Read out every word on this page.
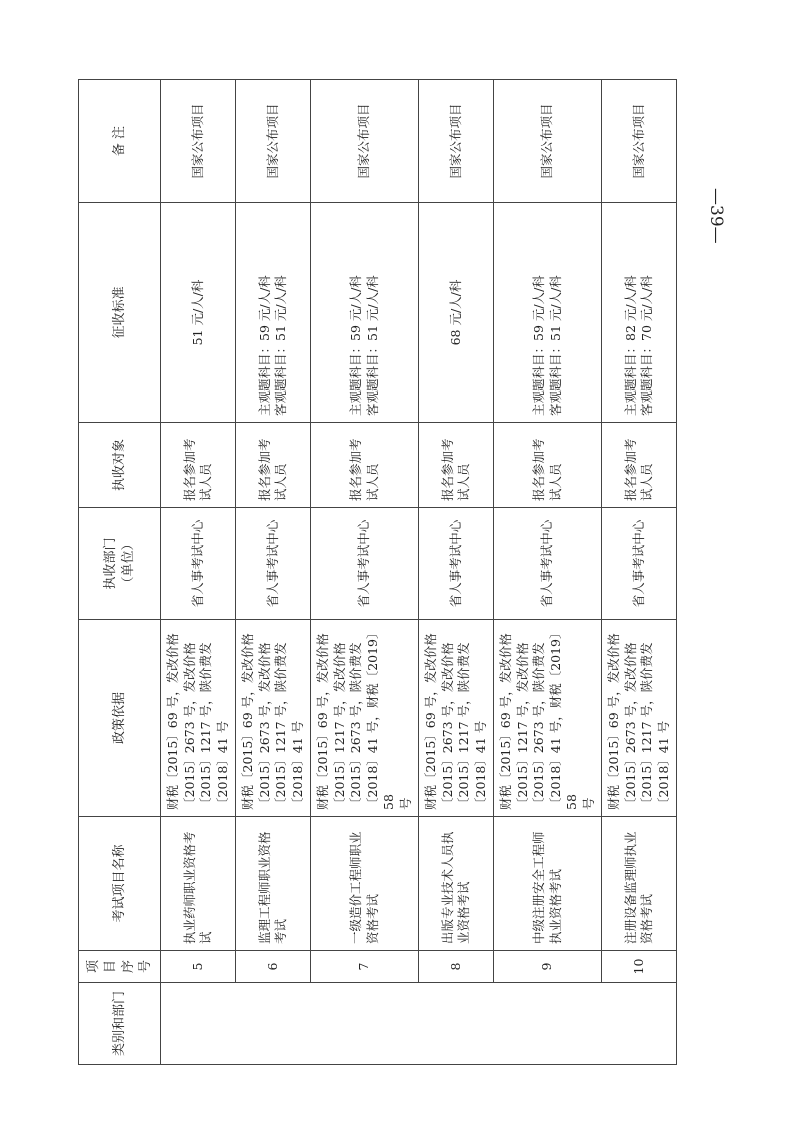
类别和部门	项目序号	考试项目名称	政策依据	执收部门 （单位）	执收对象	征收标准	备 注
	5	执业药师职业资格考试	财税〔2015〕69 号，发改价格 〔2015〕2673 号，发改价格 〔2015〕1217 号，陕价费发 〔2018〕41 号	省人事考试中心	报名参加考试人员	51 元/人/科	国家公布项目
	6	监理工程师职业资格考试	财税〔2015〕69 号，发改价格 〔2015〕2673 号，发改价格 〔2015〕1217 号，陕价费发 〔2018〕41 号	省人事考试中心	报名参加考试人员	主观题科目：59 元/人/科 客观题科目：51 元/人/科	国家公布项目
	7	一级造价工程师职业资格考试	财税〔2015〕69 号，发改价格 〔2015〕1217 号，发改价格 〔2015〕2673 号，陕价费发 〔2018〕41 号，财税〔2019〕58 号	省人事考试中心	报名参加考试人员	主观题科目：59 元/人/科 客观题科目：51 元/人/科	国家公布项目
	8	出版专业技术人员执业资格考试	财税〔2015〕69 号，发改价格 〔2015〕2673 号，发改价格 〔2015〕1217 号，陕价费发 〔2018〕41 号	省人事考试中心	报名参加考试人员	68 元/人/科	国家公布项目
	9	中级注册安全工程师执业资格考试	财税〔2015〕69 号，发改价格 〔2015〕1217 号，发改价格 〔2015〕2673 号，陕价费发 〔2018〕41 号，财税〔2019〕58 号	省人事考试中心	报名参加考试人员	主观题科目：59 元/人/科 客观题科目：51 元/人/科	国家公布项目
	10	注册设备监理师执业资格考试	财税〔2015〕69 号，发改价格 〔2015〕2673 号，发改价格 〔2015〕1217 号，陕价费发 〔2018〕41 号	省人事考试中心	报名参加考试人员	主观题科目：82 元/人/科 客观题科目：70 元/人/科	国家公布项目
—39—
